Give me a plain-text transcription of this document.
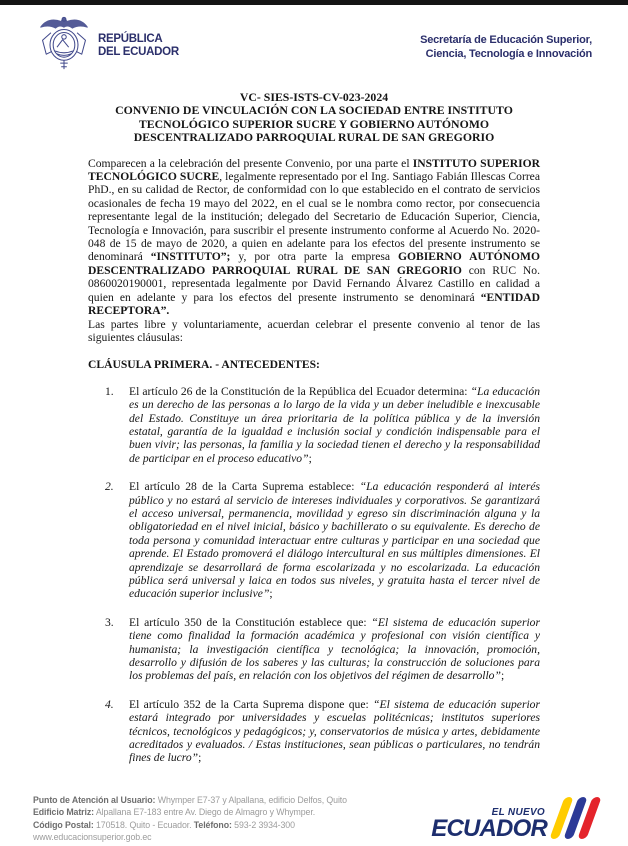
REPÚBLICA
DEL ECUADOR
Secretaría de Educación Superior,
Ciencia, Tecnología e Innovación
VC- SIES-ISTS-CV-023-2024
CONVENIO DE VINCULACIÓN CON LA SOCIEDAD ENTRE INSTITUTO
TECNOLÓGICO SUPERIOR SUCRE Y GOBIERNO AUTÓNOMO
DESCENTRALIZADO PARROQUIAL RURAL DE SAN GREGORIO

Comparecen a la celebración del presente Convenio, por una parte el INSTITUTO SUPERIOR TECNOLÓGICO SUCRE, legalmente representado por el Ing. Santiago Fabián Illescas Correa PhD., en su calidad de Rector, de conformidad con lo que establecido en el contrato de servicios ocasionales de fecha 19 mayo del 2022, en el cual se le nombra como rector, por consecuencia representante legal de la institución; delegado del Secretario de Educación Superior, Ciencia, Tecnología e Innovación, para suscribir el presente instrumento conforme al Acuerdo No. 2020-048 de 15 de mayo de 2020, a quien en adelante para los efectos del presente instrumento se denominará “INSTITUTO”; y, por otra parte la empresa GOBIERNO AUTÓNOMO DESCENTRALIZADO PARROQUIAL RURAL DE SAN GREGORIO con RUC No. 0860020190001, representada legalmente por David Fernando Álvarez Castillo en calidad a quien en adelante y para los efectos del presente instrumento se denominará “ENTIDAD RECEPTORA”.

Las partes libre y voluntariamente, acuerdan celebrar el presente convenio al tenor de las siguientes cláusulas:

CLÁUSULA PRIMERA. - ANTECEDENTES:
1.	El artículo 26 de la Constitución de la República del Ecuador determina: “La educación es un derecho de las personas a lo largo de la vida y un deber ineludible e inexcusable del Estado. Constituye un área prioritaria de la política pública y de la inversión estatal, garantía de la igualdad e inclusión social y condición indispensable para el buen vivir; las personas, la familia y la sociedad tienen el derecho y la responsabilidad de participar en el proceso educativo”;
2.	El artículo 28 de la Carta Suprema establece: “La educación responderá al interés público y no estará al servicio de intereses individuales y corporativos. Se garantizará el acceso universal, permanencia, movilidad y egreso sin discriminación alguna y la obligatoriedad en el nivel inicial, básico y bachillerato o su equivalente. Es derecho de toda persona y comunidad interactuar entre culturas y participar en una sociedad que aprende. El Estado promoverá el diálogo intercultural en sus múltiples dimensiones. El aprendizaje se desarrollará de forma escolarizada y no escolarizada. La educación pública será universal y laica en todos sus niveles, y gratuita hasta el tercer nivel de educación superior inclusive”;
3.	El artículo 350 de la Constitución establece que: “El sistema de educación superior tiene como finalidad la formación académica y profesional con visión científica y humanista; la investigación científica y tecnológica; la innovación, promoción, desarrollo y difusión de los saberes y las culturas; la construcción de soluciones para los problemas del país, en relación con los objetivos del régimen de desarrollo”;
4.	El artículo 352 de la Carta Suprema dispone que: “El sistema de educación superior estará integrado por universidades y escuelas politécnicas; institutos superiores técnicos, tecnológicos y pedagógicos; y, conservatorios de música y artes, debidamente acreditados y evaluados. / Estas instituciones, sean públicas o particulares, no tendrán fines de lucro”;
Punto de Atención al Usuario: Whymper E7-37 y Alpallana, edificio Delfos, Quito
Edificio Matriz: Alpallana E7-183 entre Av. Diego de Almagro y Whymper.
Código Postal: 170518. Quito - Ecuador. Teléfono: 593-2 3934-300
www.educacionsuperior.gob.ec
EL NUEVO
ECUADOR
